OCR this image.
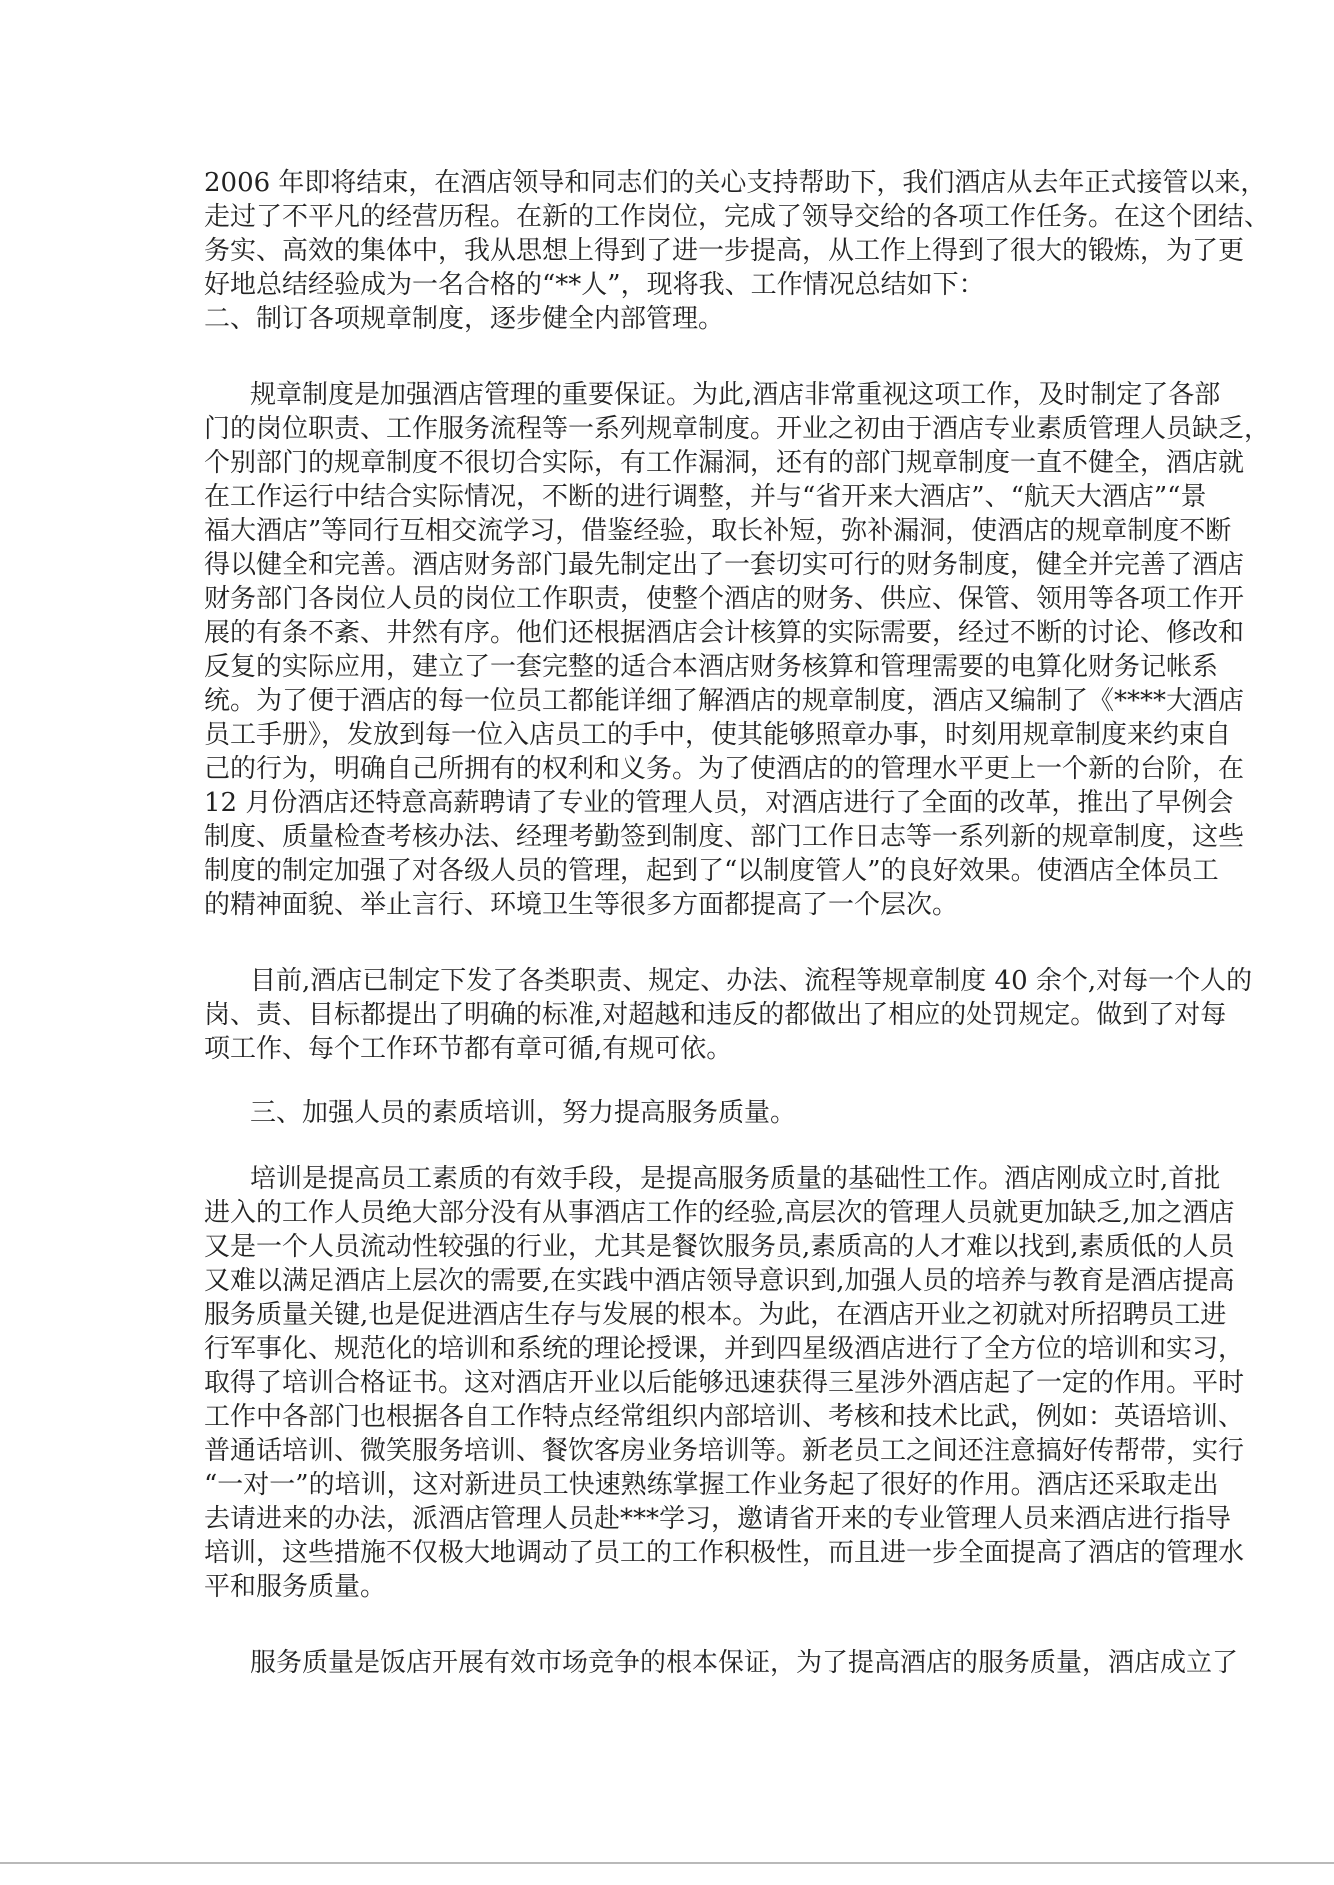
2006 年即将结束，在酒店领导和同志们的关心支持帮助下，我们酒店从去年正式接管以来，
走过了不平凡的经营历程。在新的工作岗位，完成了领导交给的各项工作任务。在这个团结、
务实、高效的集体中，我从思想上得到了进一步提高，从工作上得到了很大的锻炼，为了更
好地总结经验成为一名合格的“**人”，现将我、工作情况总结如下：
二、制订各项规章制度，逐步健全内部管理。
规章制度是加强酒店管理的重要保证。为此,酒店非常重视这项工作，及时制定了各部
门的岗位职责、工作服务流程等一系列规章制度。开业之初由于酒店专业素质管理人员缺乏，
个别部门的规章制度不很切合实际，有工作漏洞，还有的部门规章制度一直不健全，酒店就
在工作运行中结合实际情况，不断的进行调整，并与“省开来大酒店”、“航天大酒店”“景
福大酒店”等同行互相交流学习，借鉴经验，取长补短，弥补漏洞，使酒店的规章制度不断
得以健全和完善。酒店财务部门最先制定出了一套切实可行的财务制度，健全并完善了酒店
财务部门各岗位人员的岗位工作职责，使整个酒店的财务、供应、保管、领用等各项工作开
展的有条不紊、井然有序。他们还根据酒店会计核算的实际需要，经过不断的讨论、修改和
反复的实际应用，建立了一套完整的适合本酒店财务核算和管理需要的电算化财务记帐系
统。为了便于酒店的每一位员工都能详细了解酒店的规章制度，酒店又编制了《****大酒店
员工手册》，发放到每一位入店员工的手中，使其能够照章办事，时刻用规章制度来约束自
己的行为，明确自己所拥有的权利和义务。为了使酒店的的管理水平更上一个新的台阶，在
12 月份酒店还特意高薪聘请了专业的管理人员，对酒店进行了全面的改革，推出了早例会
制度、质量检查考核办法、经理考勤签到制度、部门工作日志等一系列新的规章制度，这些
制度的制定加强了对各级人员的管理，起到了“以制度管人”的良好效果。使酒店全体员工
的精神面貌、举止言行、环境卫生等很多方面都提高了一个层次。
目前,酒店已制定下发了各类职责、规定、办法、流程等规章制度 40 余个,对每一个人的
岗、责、目标都提出了明确的标准,对超越和违反的都做出了相应的处罚规定。做到了对每
项工作、每个工作环节都有章可循,有规可依。
三、加强人员的素质培训，努力提高服务质量。
培训是提高员工素质的有效手段，是提高服务质量的基础性工作。酒店刚成立时,首批
进入的工作人员绝大部分没有从事酒店工作的经验,高层次的管理人员就更加缺乏,加之酒店
又是一个人员流动性较强的行业，尤其是餐饮服务员,素质高的人才难以找到,素质低的人员
又难以满足酒店上层次的需要,在实践中酒店领导意识到,加强人员的培养与教育是酒店提高
服务质量关键,也是促进酒店生存与发展的根本。为此，在酒店开业之初就对所招聘员工进
行军事化、规范化的培训和系统的理论授课，并到四星级酒店进行了全方位的培训和实习，
取得了培训合格证书。这对酒店开业以后能够迅速获得三星涉外酒店起了一定的作用。平时
工作中各部门也根据各自工作特点经常组织内部培训、考核和技术比武，例如：英语培训、
普通话培训、微笑服务培训、餐饮客房业务培训等。新老员工之间还注意搞好传帮带，实行
“一对一”的培训，这对新进员工快速熟练掌握工作业务起了很好的作用。酒店还采取走出
去请进来的办法，派酒店管理人员赴***学习，邀请省开来的专业管理人员来酒店进行指导
培训，这些措施不仅极大地调动了员工的工作积极性，而且进一步全面提高了酒店的管理水
平和服务质量。
服务质量是饭店开展有效市场竞争的根本保证，为了提高酒店的服务质量，酒店成立了
